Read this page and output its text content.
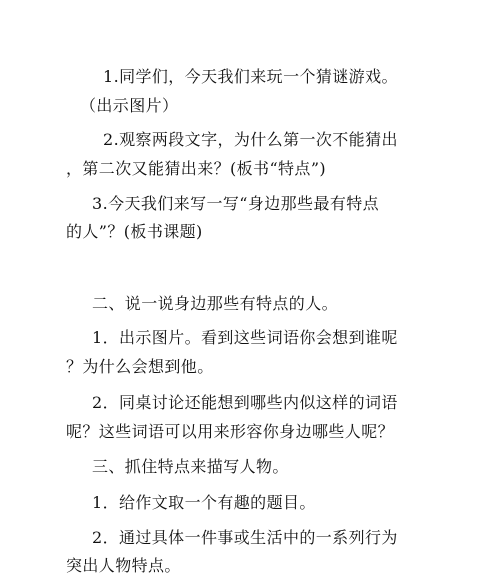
1.同学们，今天我们来玩一个猜谜游戏。
（出示图片）
2.观察两段文字，为什么第一次不能猜出
，第二次又能猜出来？(板书“特点”)
3.今天我们来写一写“身边那些最有特点
的人”？(板书课题)
二、说一说身边那些有特点的人。
1．出示图片。看到这些词语你会想到谁呢
？为什么会想到他。
2．同桌讨论还能想到哪些内似这样的词语
呢？这些词语可以用来形容你身边哪些人呢？
三、抓住特点来描写人物。
1．给作文取一个有趣的题目。
2．通过具体一件事或生活中的一系列行为
突出人物特点。
